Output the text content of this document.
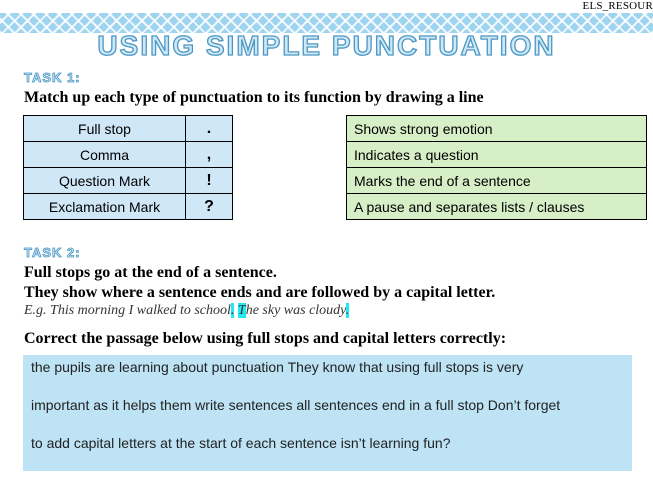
ELS_RESOUR
USING SIMPLE PUNCTUATION
TASK 1:
Match up each type of punctuation to its function by drawing a line
Full stop	.
Comma	,
Question Mark	!
Exclamation Mark	?
Shows strong emotion
Indicates a question
Marks the end of a sentence
A pause and separates lists / clauses
TASK 2:
Full stops go at the end of a sentence.
They show where a sentence ends and are followed by a capital letter.
E.g. This morning I walked to school. The sky was cloudy.
Correct the passage below using full stops and capital letters correctly:
the pupils are learning about punctuation They know that using full stops is very
important as it helps them write sentences all sentences end in a full stop Don’t forget
to add capital letters at the start of each sentence isn’t learning fun?
